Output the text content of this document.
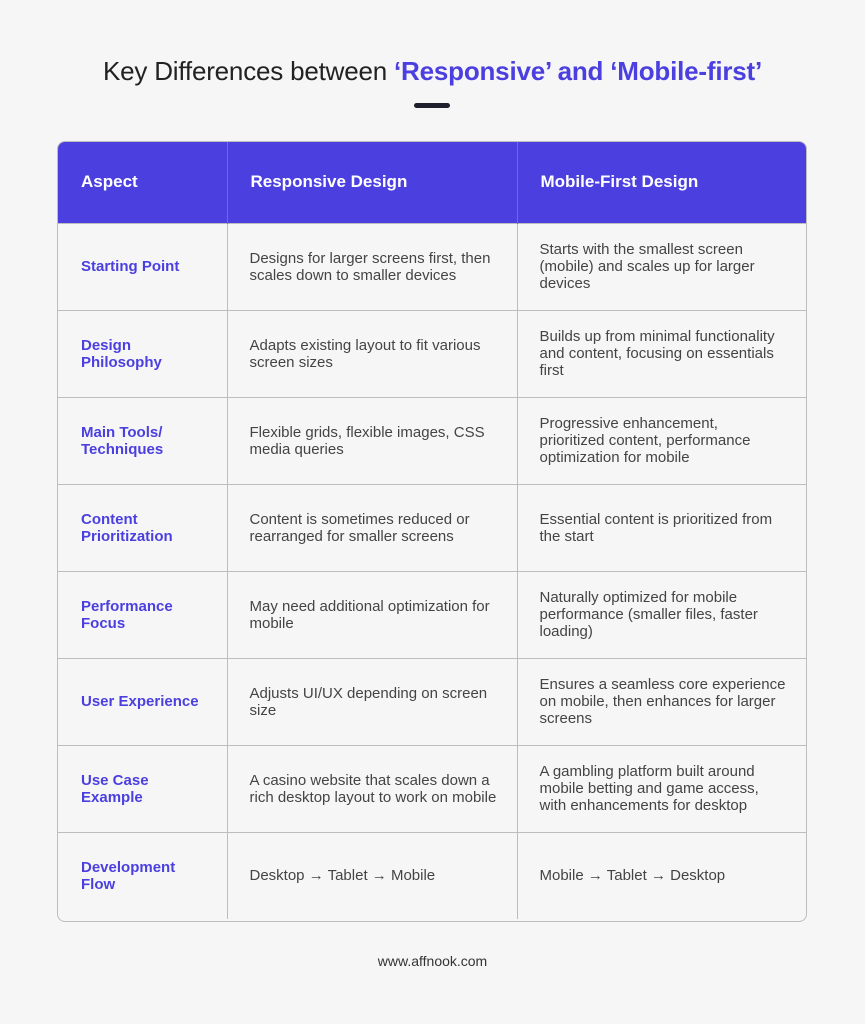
Key Differences between ‘Responsive’ and ‘Mobile-first’
Aspect	Responsive Design	Mobile-First Design
Starting Point	Designs for larger screens first, then scales down to smaller devices	Starts with the smallest screen (mobile) and scales up for larger devices
Design Philosophy	Adapts existing layout to fit various screen sizes	Builds up from minimal functionality and content, focusing on essentials first
Main Tools/ Techniques	Flexible grids, flexible images, CSS media queries	Progressive enhancement, prioritized content, performance optimization for mobile
Content Prioritization	Content is sometimes reduced or rearranged for smaller screens	Essential content is prioritized from the start
Performance Focus	May need additional optimization for mobile	Naturally optimized for mobile performance (smaller files, faster loading)
User Experience	Adjusts UI/UX depending on screen size	Ensures a seamless core experience on mobile, then enhances for larger screens
Use Case Example	A casino website that scales down a rich desktop layout to work on mobile	A gambling platform built around mobile betting and game access, with enhancements for desktop
Development Flow	Desktop → Tablet → Mobile	Mobile → Tablet → Desktop
www.affnook.com
